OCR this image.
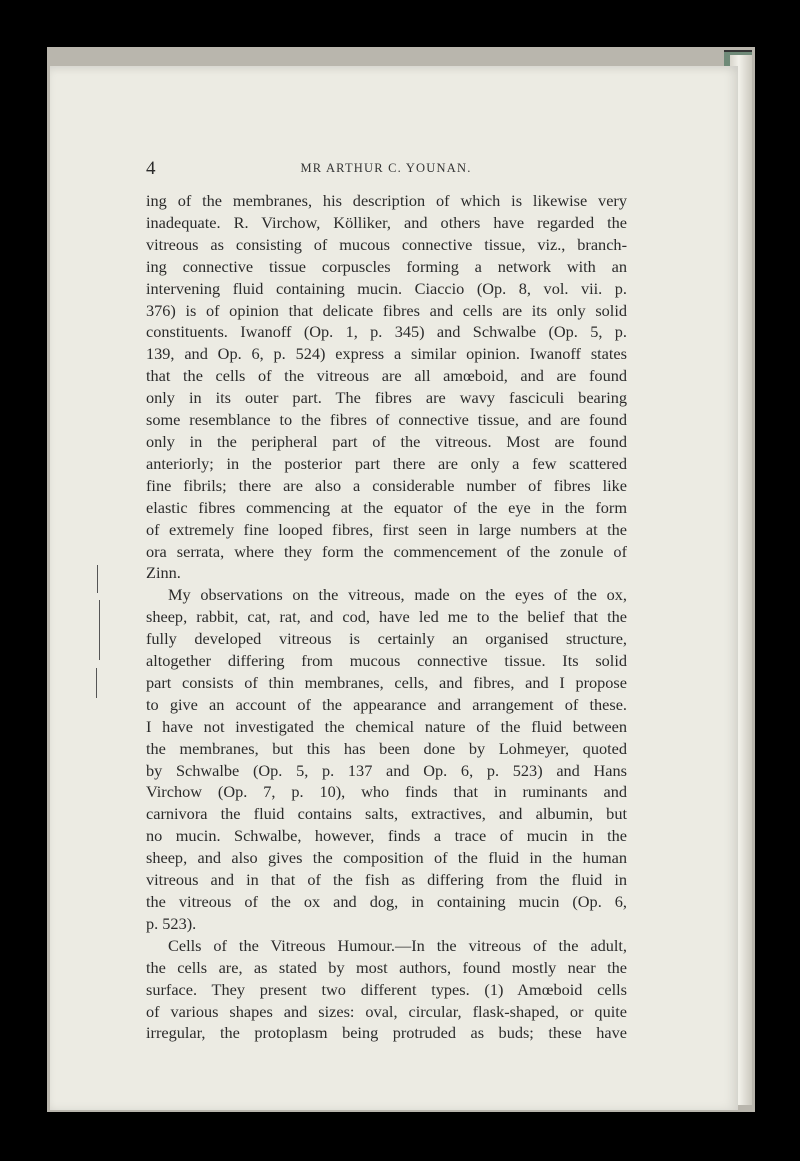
4	MR ARTHUR C. YOUNAN.
ing of the membranes, his description of which is likewise very
inadequate. R. Virchow, Kölliker, and others have regarded the
vitreous as consisting of mucous connective tissue, viz., branch-
ing connective tissue corpuscles forming a network with an
intervening fluid containing mucin. Ciaccio (Op. 8, vol. vii. p.
376) is of opinion that delicate fibres and cells are its only solid
constituents. Iwanoff (Op. 1, p. 345) and Schwalbe (Op. 5, p.
139, and Op. 6, p. 524) express a similar opinion. Iwanoff states
that the cells of the vitreous are all amœboid, and are found
only in its outer part. The fibres are wavy fasciculi bearing
some resemblance to the fibres of connective tissue, and are found
only in the peripheral part of the vitreous. Most are found
anteriorly; in the posterior part there are only a few scattered
fine fibrils; there are also a considerable number of fibres like
elastic fibres commencing at the equator of the eye in the form
of extremely fine looped fibres, first seen in large numbers at the
ora serrata, where they form the commencement of the zonule of
Zinn.
My observations on the vitreous, made on the eyes of the ox,
sheep, rabbit, cat, rat, and cod, have led me to the belief that the
fully developed vitreous is certainly an organised structure,
altogether differing from mucous connective tissue. Its solid
part consists of thin membranes, cells, and fibres, and I propose
to give an account of the appearance and arrangement of these.
I have not investigated the chemical nature of the fluid between
the membranes, but this has been done by Lohmeyer, quoted
by Schwalbe (Op. 5, p. 137 and Op. 6, p. 523) and Hans
Virchow (Op. 7, p. 10), who finds that in ruminants and
carnivora the fluid contains salts, extractives, and albumin, but
no mucin. Schwalbe, however, finds a trace of mucin in the
sheep, and also gives the composition of the fluid in the human
vitreous and in that of the fish as differing from the fluid in
the vitreous of the ox and dog, in containing mucin (Op. 6,
p. 523).
Cells of the Vitreous Humour.—In the vitreous of the adult,
the cells are, as stated by most authors, found mostly near the
surface. They present two different types. (1) Amœboid cells
of various shapes and sizes: oval, circular, flask-shaped, or quite
irregular, the protoplasm being protruded as buds; these have
